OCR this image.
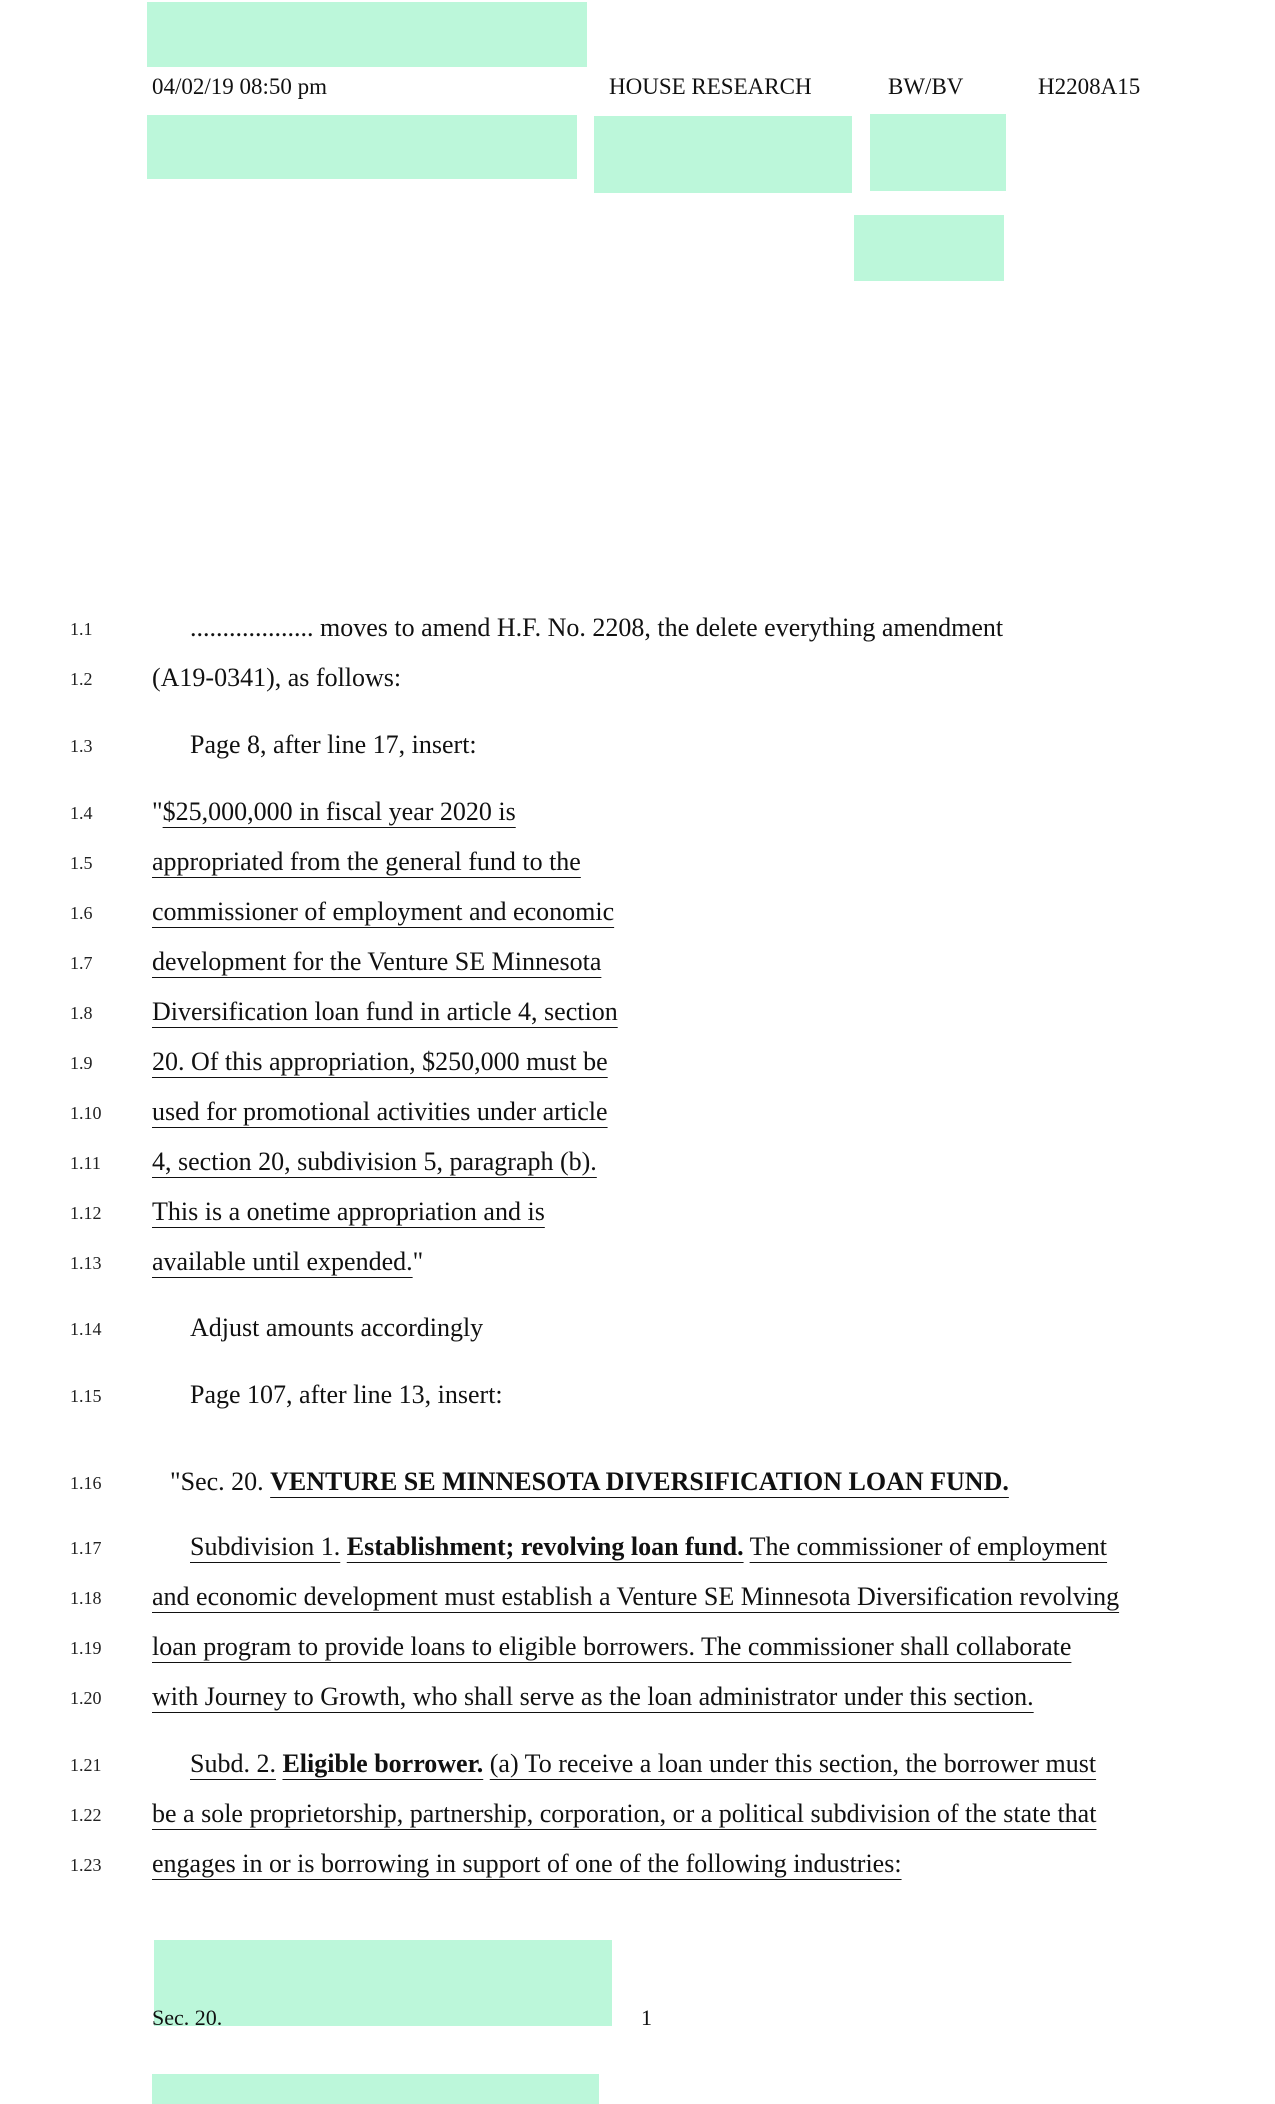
04/02/19 08:50 pm	HOUSE RESEARCH	BW/BV	H2208A15
1.1	................... moves to amend H.F. No. 2208, the delete everything amendment
1.2	(A19-0341), as follows:
1.3	Page 8, after line 17, insert:
1.4	"$25,000,000 in fiscal year 2020 is
1.5	appropriated from the general fund to the
1.6	commissioner of employment and economic
1.7	development for the Venture SE Minnesota
1.8	Diversification loan fund in article 4, section
1.9	20. Of this appropriation, $250,000 must be
1.10	used for promotional activities under article
1.11	4, section 20, subdivision 5, paragraph (b).
1.12	This is a onetime appropriation and is
1.13	available until expended."
1.14	Adjust amounts accordingly
1.15	Page 107, after line 13, insert:
1.16	"Sec. 20. VENTURE SE MINNESOTA DIVERSIFICATION LOAN FUND.
1.17	Subdivision 1. Establishment; revolving loan fund. The commissioner of employment
1.18	and economic development must establish a Venture SE Minnesota Diversification revolving
1.19	loan program to provide loans to eligible borrowers. The commissioner shall collaborate
1.20	with Journey to Growth, who shall serve as the loan administrator under this section.
1.21	Subd. 2. Eligible borrower. (a) To receive a loan under this section, the borrower must
1.22	be a sole proprietorship, partnership, corporation, or a political subdivision of the state that
1.23	engages in or is borrowing in support of one of the following industries:
Sec. 20.	1
